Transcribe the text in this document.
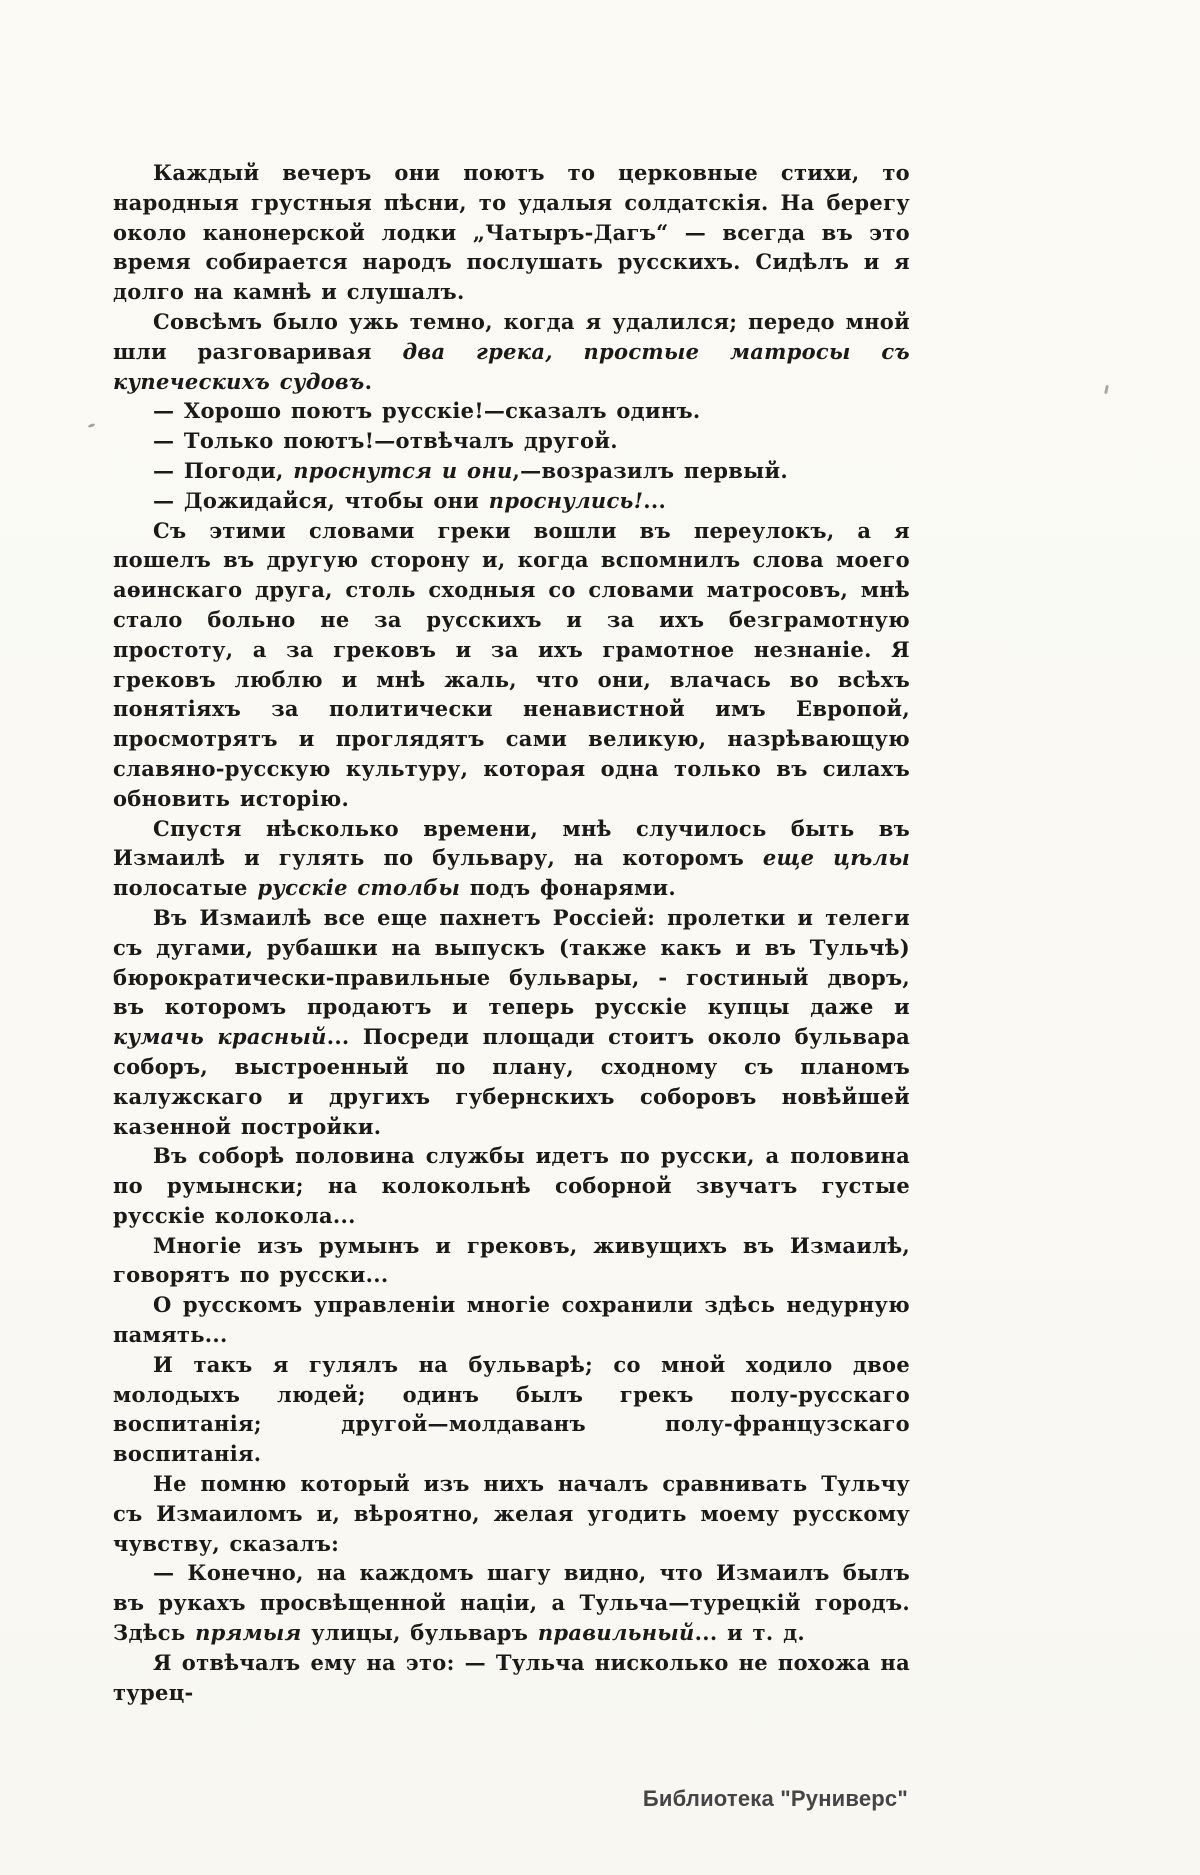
Каждый вечеръ они поютъ то церковные стихи, то народныя грустныя пѣсни, то удалыя солдатскія. На берегу около канонерской лодки „Чатыръ-Дагъ“ — всегда въ это время собирается народъ послушать русскихъ. Сидѣлъ и я долго на камнѣ и слушалъ.

Совсѣмъ было ужь темно, когда я удалился; передо мной шли разговаривая два грека, простые матросы съ купеческихъ судовъ.

— Хорошо поютъ русскіе!—сказалъ одинъ.

— Только поютъ!—отвѣчалъ другой.

— Погоди, проснутся и они,—возразилъ первый.

— Дожидайся, чтобы они проснулись!...

Съ этими словами греки вошли въ переулокъ, а я пошелъ въ другую сторону и, когда вспомнилъ слова моего аѳинскаго друга, столь сходныя со словами матросовъ, мнѣ стало больно не за русскихъ и за ихъ безграмотную простоту, а за грековъ и за ихъ грамотное незнаніе. Я грековъ люблю и мнѣ жаль, что они, влачась во всѣхъ понятіяхъ за политически ненавистной имъ Европой, просмотрятъ и проглядятъ сами великую, назрѣвающую славяно-русскую культуру, которая одна только въ силахъ обновить исторію.

Спустя нѣсколько времени, мнѣ случилось быть въ Измаилѣ и гулять по бульвару, на которомъ еще цѣлы полосатые русскіе столбы подъ фонарями.

Въ Измаилѣ все еще пахнетъ Россіей: пролетки и телеги съ дугами, рубашки на выпускъ (также какъ и въ Тульчѣ) бюрократически-правильные бульвары, - гостиный дворъ, въ которомъ продаютъ и теперь русскіе купцы даже и кумачь красный... Посреди площади стоитъ около бульвара соборъ, выстроенный по плану, сходному съ планомъ калужскаго и другихъ губернскихъ соборовъ новѣйшей казенной постройки.

Въ соборѣ половина службы идетъ по русски, а половина по румынски; на колокольнѣ соборной звучатъ густые русскіе колокола...

Многіе изъ румынъ и грековъ, живущихъ въ Измаилѣ, говорятъ по русски...

О русскомъ управленіи многіе сохранили здѣсь недурную память...

И такъ я гулялъ на бульварѣ; со мной ходило двое молодыхъ людей; одинъ былъ грекъ полу-русскаго воспитанія; другой—молдаванъ полу-французскаго воспитанія.

Не помню который изъ нихъ началъ сравнивать Тульчу съ Измаиломъ и, вѣроятно, желая угодить моему русскому чувству, сказалъ:

— Конечно, на каждомъ шагу видно, что Измаилъ былъ въ рукахъ просвѣщенной націи, а Тульча—турецкій городъ. Здѣсь прямыя улицы, бульваръ правильный... и т. д.

Я отвѣчалъ ему на это: — Тульча нисколько не похожа на турец-

Библиотека "Руниверс"
